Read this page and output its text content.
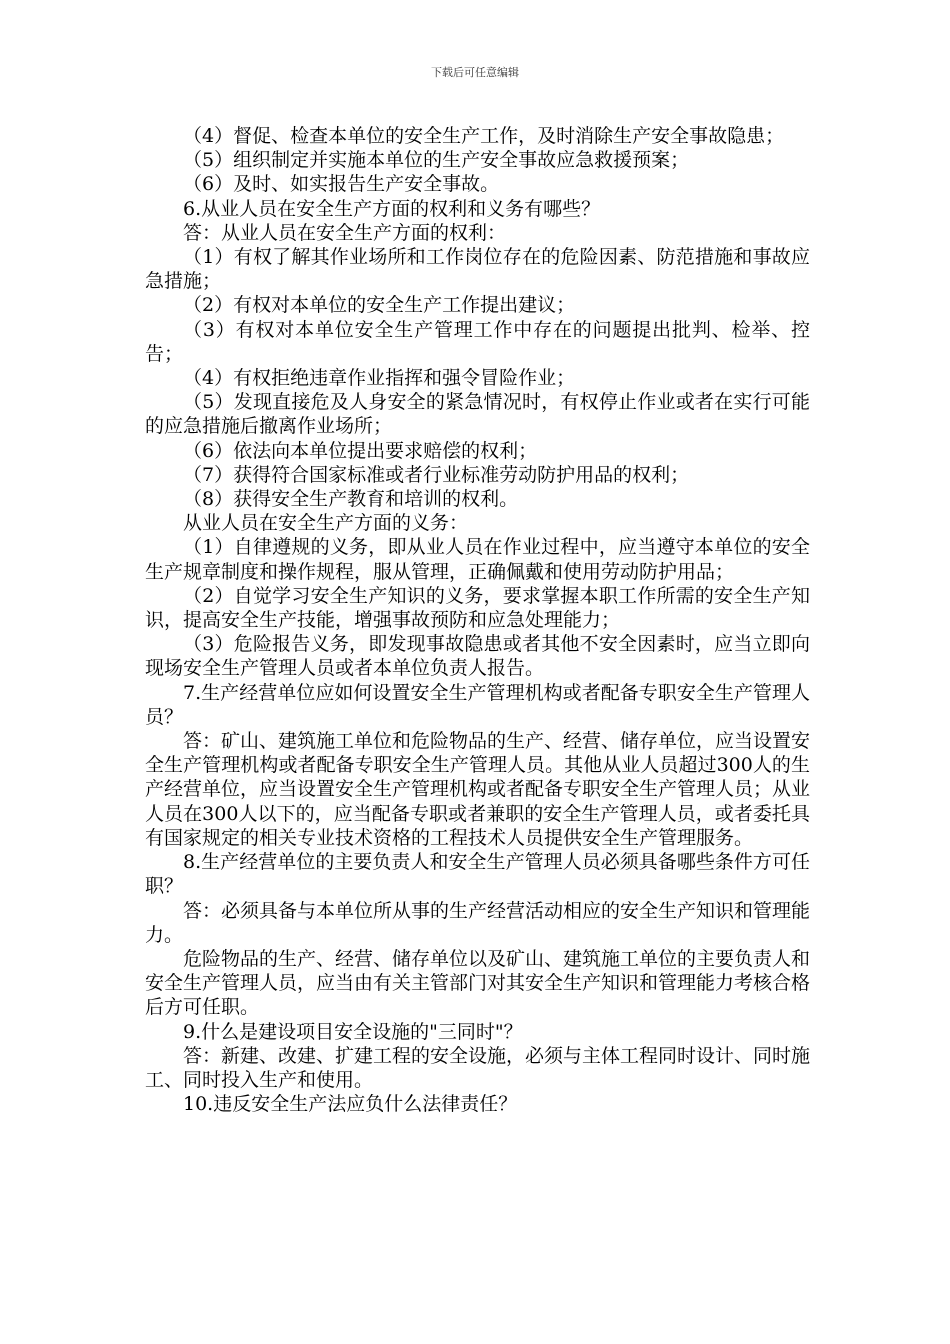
下载后可任意编辑

（4）督促、检查本单位的安全生产工作，及时消除生产安全事故隐患；

（5）组织制定并实施本单位的生产安全事故应急救援预案；

（6）及时、如实报告生产安全事故。

6.从业人员在安全生产方面的权利和义务有哪些？

答：从业人员在安全生产方面的权利：

（1）有权了解其作业场所和工作岗位存在的危险因素、防范措施和事故应急措施；

（2）有权对本单位的安全生产工作提出建议；

（3）有权对本单位安全生产管理工作中存在的问题提出批判、检举、控告；

（4）有权拒绝违章作业指挥和强令冒险作业；

（5）发现直接危及人身安全的紧急情况时，有权停止作业或者在实行可能的应急措施后撤离作业场所；

（6）依法向本单位提出要求赔偿的权利；

（7）获得符合国家标准或者行业标准劳动防护用品的权利；

（8）获得安全生产教育和培训的权利。

从业人员在安全生产方面的义务：

（1）自律遵规的义务，即从业人员在作业过程中，应当遵守本单位的安全生产规章制度和操作规程，服从管理，正确佩戴和使用劳动防护用品；

（2）自觉学习安全生产知识的义务，要求掌握本职工作所需的安全生产知识，提高安全生产技能，增强事故预防和应急处理能力；

（3）危险报告义务，即发现事故隐患或者其他不安全因素时，应当立即向现场安全生产管理人员或者本单位负责人报告。

7.生产经营单位应如何设置安全生产管理机构或者配备专职安全生产管理人员？

答：矿山、建筑施工单位和危险物品的生产、经营、储存单位，应当设置安全生产管理机构或者配备专职安全生产管理人员。其他从业人员超过300人的生产经营单位，应当设置安全生产管理机构或者配备专职安全生产管理人员；从业人员在300人以下的，应当配备专职或者兼职的安全生产管理人员，或者委托具有国家规定的相关专业技术资格的工程技术人员提供安全生产管理服务。

8.生产经营单位的主要负责人和安全生产管理人员必须具备哪些条件方可任职？

答：必须具备与本单位所从事的生产经营活动相应的安全生产知识和管理能力。

危险物品的生产、经营、储存单位以及矿山、建筑施工单位的主要负责人和安全生产管理人员，应当由有关主管部门对其安全生产知识和管理能力考核合格后方可任职。

9.什么是建设项目安全设施的"三同时"？

答：新建、改建、扩建工程的安全设施，必须与主体工程同时设计、同时施工、同时投入生产和使用。

10.违反安全生产法应负什么法律责任？
